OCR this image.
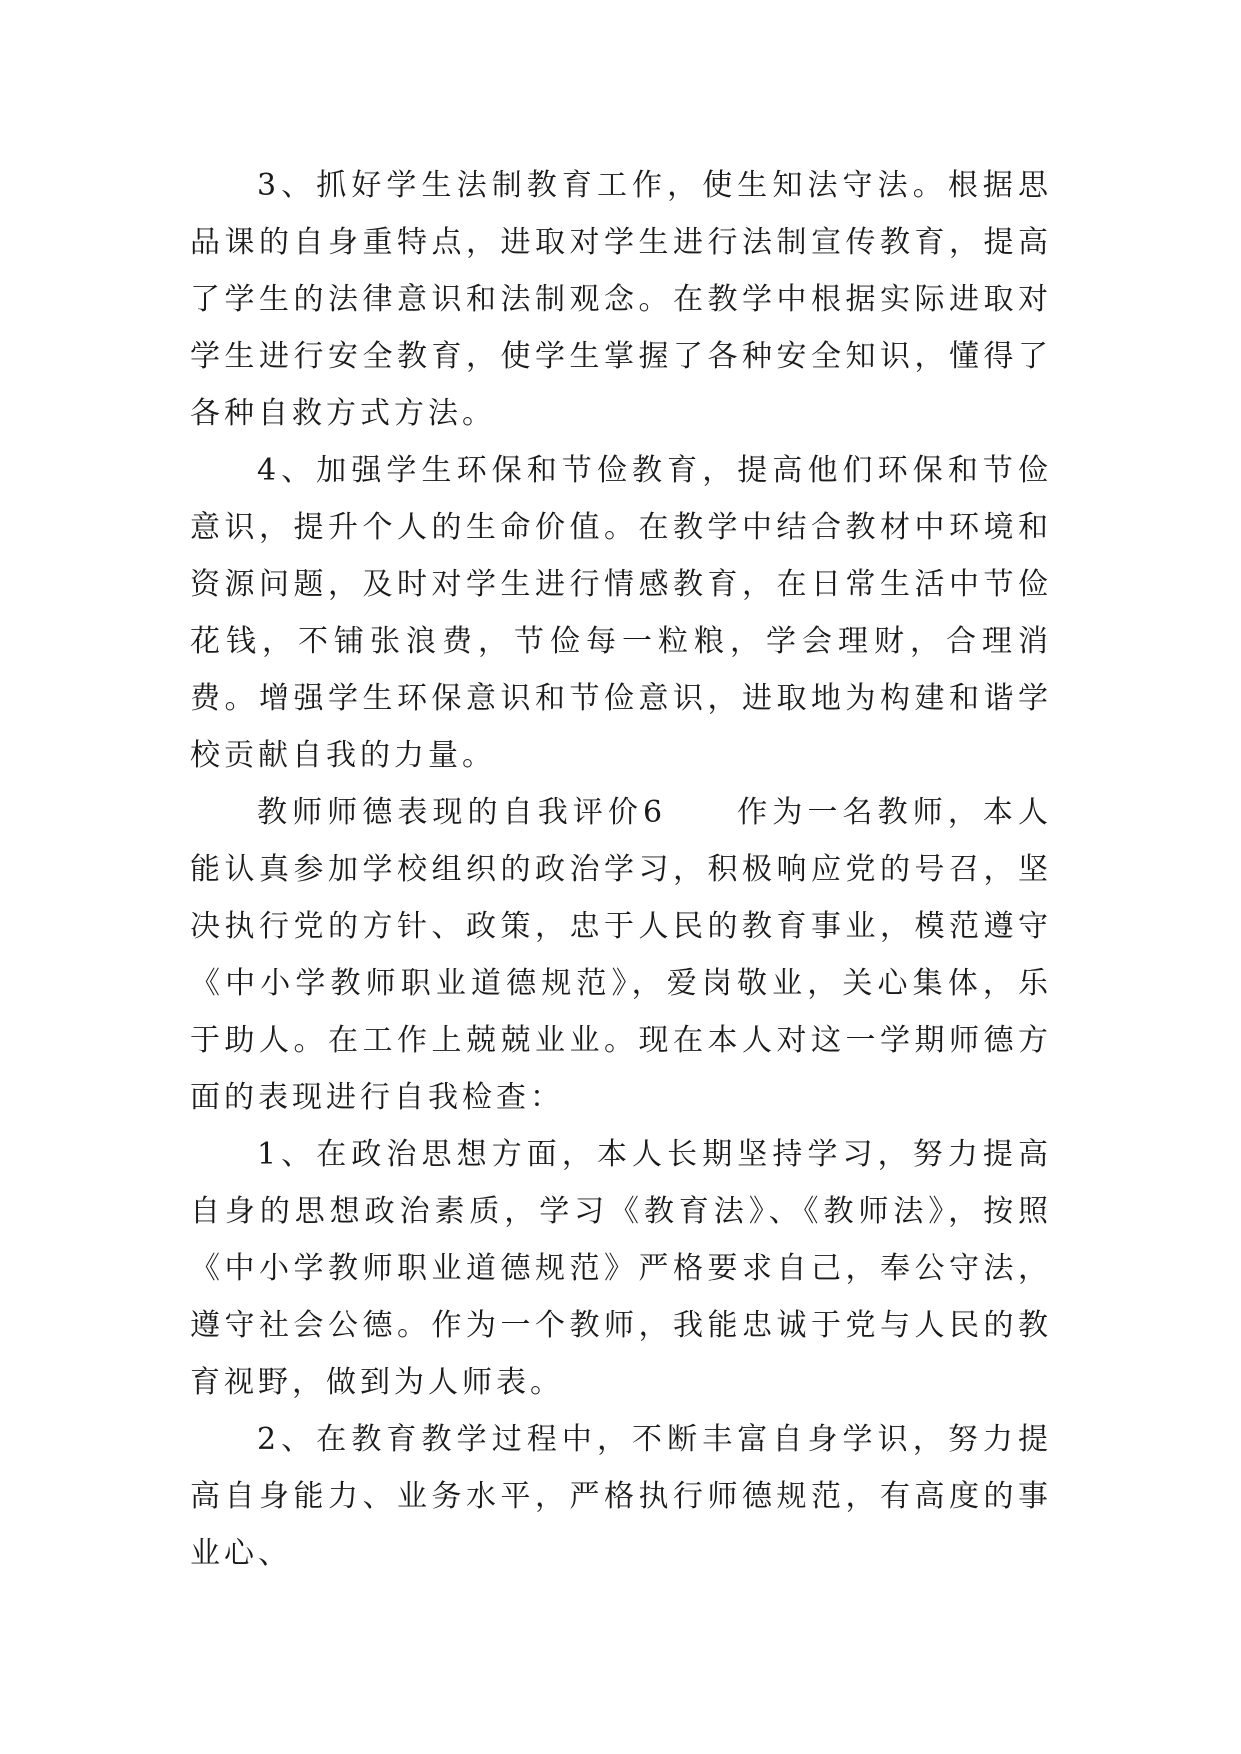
3、抓好学生法制教育工作，使生知法守法。根据思品课的自身重特点，进取对学生进行法制宣传教育，提高了学生的法律意识和法制观念。在教学中根据实际进取对学生进行安全教育，使学生掌握了各种安全知识，懂得了各种自救方式方法。

4、加强学生环保和节俭教育，提高他们环保和节俭意识，提升个人的生命价值。在教学中结合教材中环境和资源问题，及时对学生进行情感教育，在日常生活中节俭花钱，不铺张浪费，节俭每一粒粮，学会理财，合理消费。增强学生环保意识和节俭意识，进取地为构建和谐学校贡献自我的力量。

教师师德表现的自我评价6　　作为一名教师，本人能认真参加学校组织的政治学习，积极响应党的号召，坚决执行党的方针、政策，忠于人民的教育事业，模范遵守《中小学教师职业道德规范》，爱岗敬业，关心集体，乐于助人。在工作上兢兢业业。现在本人对这一学期师德方面的表现进行自我检查：

1、在政治思想方面，本人长期坚持学习，努力提高自身的思想政治素质，学习《教育法》、《教师法》，按照《中小学教师职业道德规范》严格要求自己，奉公守法，遵守社会公德。作为一个教师，我能忠诚于党与人民的教育视野，做到为人师表。

2、在教育教学过程中，不断丰富自身学识，努力提高自身能力、业务水平，严格执行师德规范，有高度的事业心、
